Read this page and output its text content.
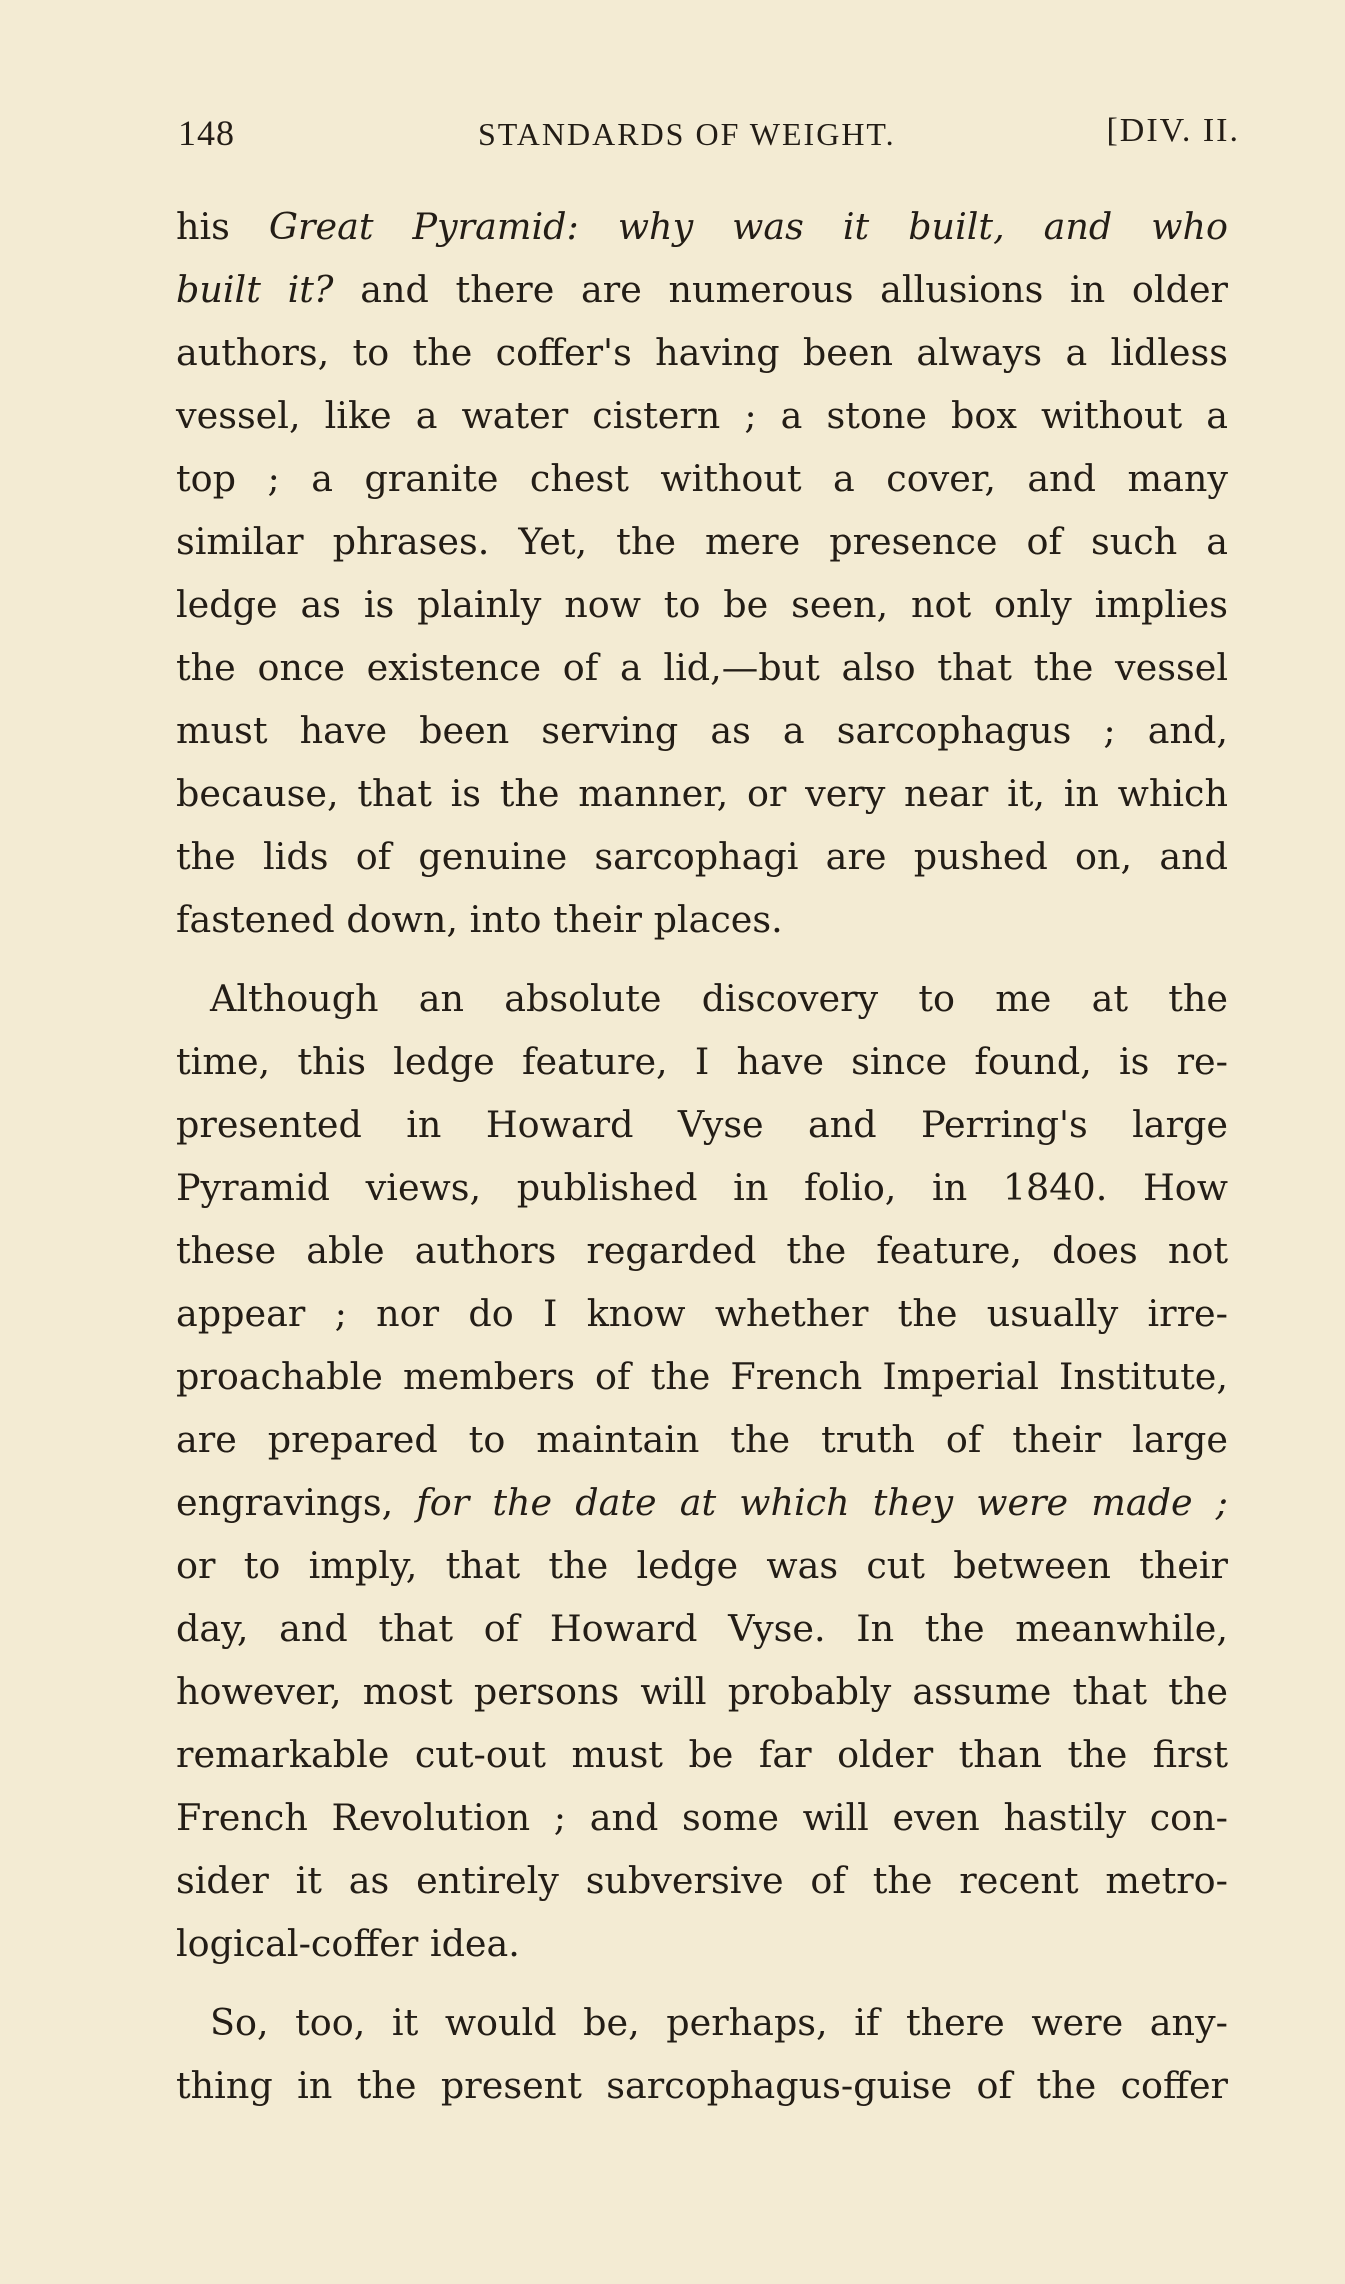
148	STANDARDS OF WEIGHT.	[DIV. II.
his Great Pyramid: why was it built, and who
built it? and there are numerous allusions in older
authors, to the coffer's having been always a lidless
vessel, like a water cistern ; a stone box without a
top ; a granite chest without a cover, and many
similar phrases. Yet, the mere presence of such a
ledge as is plainly now to be seen, not only implies
the once existence of a lid,—but also that the vessel
must have been serving as a sarcophagus ; and,
because, that is the manner, or very near it, in which
the lids of genuine sarcophagi are pushed on, and
fastened down, into their places.
Although an absolute discovery to me at the
time, this ledge feature, I have since found, is re-
presented in Howard Vyse and Perring's large
Pyramid views, published in folio, in 1840. How
these able authors regarded the feature, does not
appear ; nor do I know whether the usually irre-
proachable members of the French Imperial Institute,
are prepared to maintain the truth of their large
engravings, for the date at which they were made ;
or to imply, that the ledge was cut between their
day, and that of Howard Vyse. In the meanwhile,
however, most persons will probably assume that the
remarkable cut-out must be far older than the first
French Revolution ; and some will even hastily con-
sider it as entirely subversive of the recent metro-
logical-coffer idea.
So, too, it would be, perhaps, if there were any-
thing in the present sarcophagus-guise of the coffer
